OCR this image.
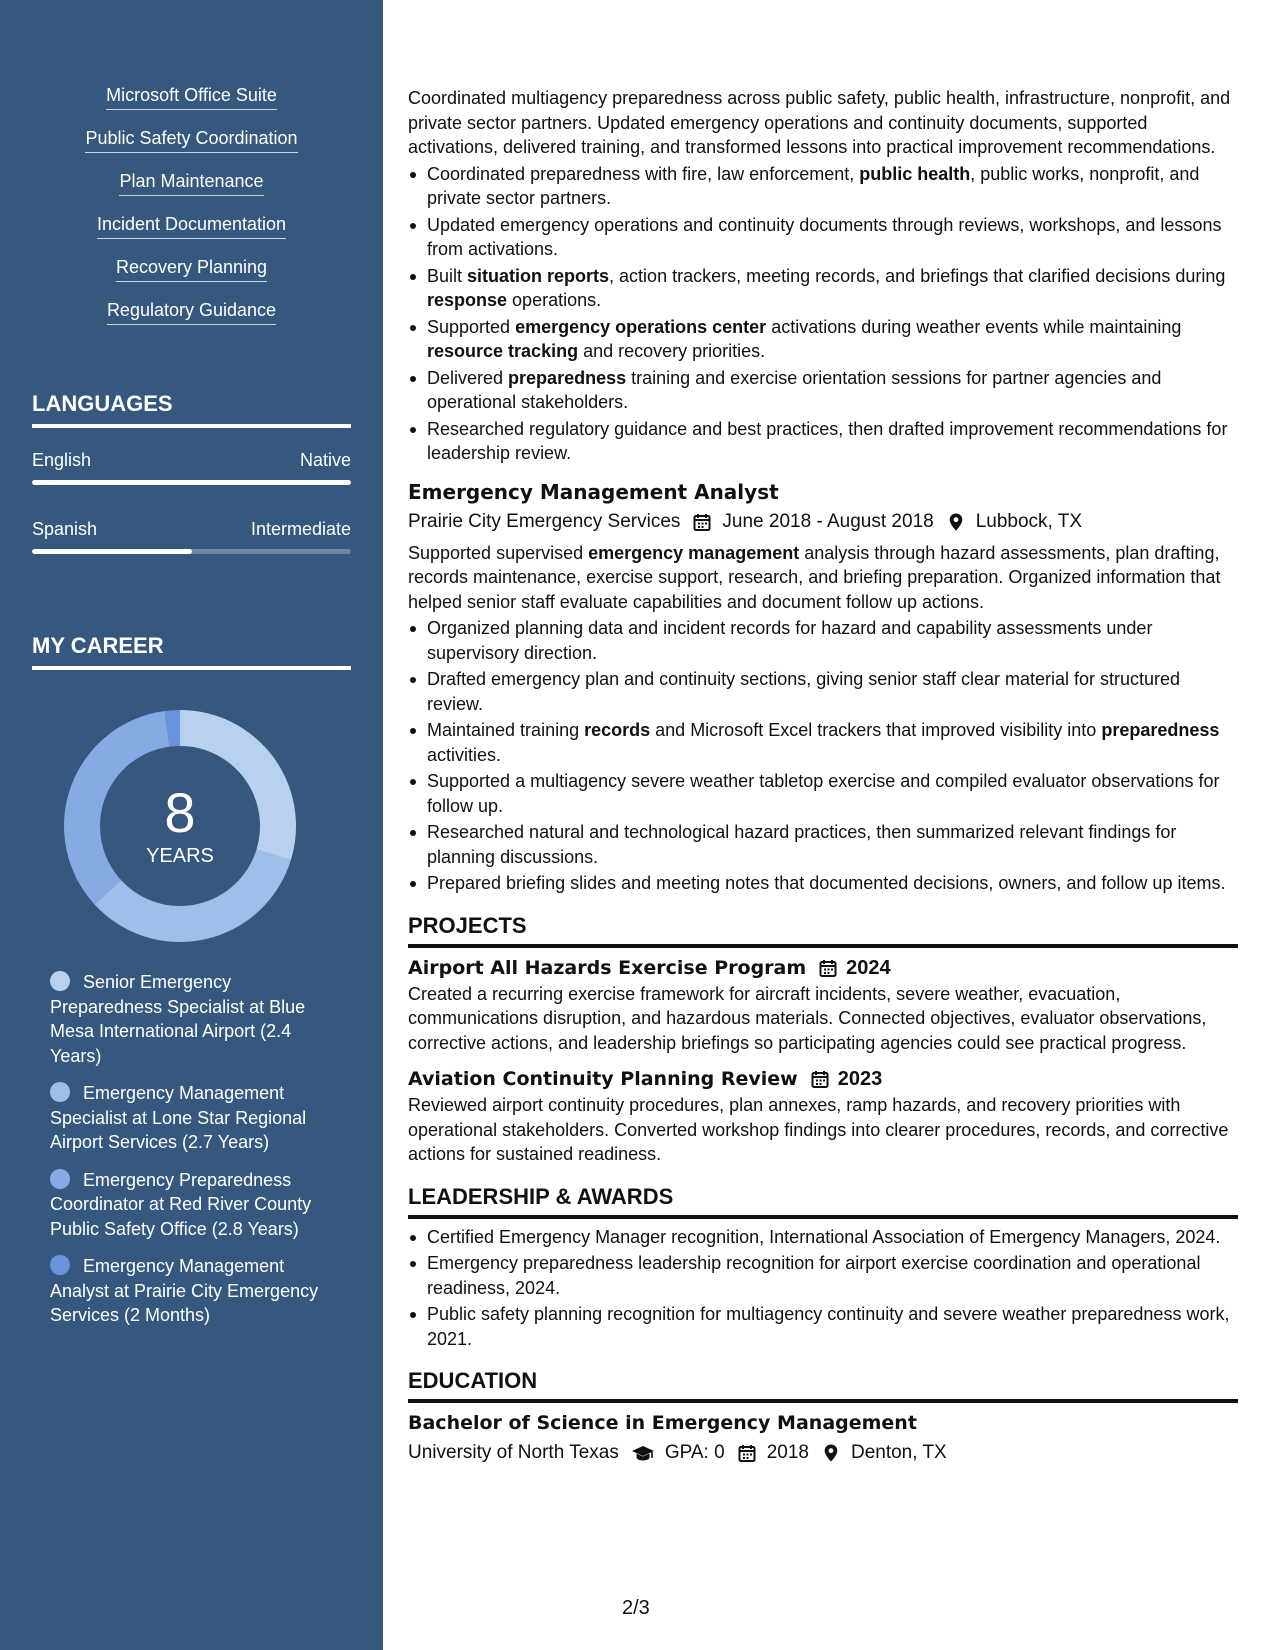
Microsoft Office Suite
Public Safety Coordination
Plan Maintenance
Incident Documentation
Recovery Planning
Regulatory Guidance
LANGUAGES
English	Native
Spanish	Intermediate
MY CAREER
8
YEARS
Senior Emergency Preparedness Specialist at Blue Mesa International Airport (2.4 Years)
Emergency Management Specialist at Lone Star Regional Airport Services (2.7 Years)
Emergency Preparedness Coordinator at Red River County Public Safety Office (2.8 Years)
Emergency Management Analyst at Prairie City Emergency Services (2 Months)

Coordinated multiagency preparedness across public safety, public health, infrastructure, nonprofit, and private sector partners. Updated emergency operations and continuity documents, supported activations, delivered training, and transformed lessons into practical improvement recommendations.

Coordinated preparedness with fire, law enforcement, public health, public works, nonprofit, and private sector partners.
Updated emergency operations and continuity documents through reviews, workshops, and lessons from activations.
Built situation reports, action trackers, meeting records, and briefings that clarified decisions during response operations.
Supported emergency operations center activations during weather events while maintaining resource tracking and recovery priorities.
Delivered preparedness training and exercise orientation sessions for partner agencies and operational stakeholders.
Researched regulatory guidance and best practices, then drafted improvement recommendations for leadership review.
Emergency Management Analyst
Prairie City Emergency Services June 2018 - August 2018 Lubbock, TX

Supported supervised emergency management analysis through hazard assessments, plan drafting, records maintenance, exercise support, research, and briefing preparation. Organized information that helped senior staff evaluate capabilities and document follow up actions.

Organized planning data and incident records for hazard and capability assessments under supervisory direction.
Drafted emergency plan and continuity sections, giving senior staff clear material for structured review.
Maintained training records and Microsoft Excel trackers that improved visibility into preparedness activities.
Supported a multiagency severe weather tabletop exercise and compiled evaluator observations for follow up.
Researched natural and technological hazard practices, then summarized relevant findings for planning discussions.
Prepared briefing slides and meeting notes that documented decisions, owners, and follow up items.
PROJECTS
Airport All Hazards Exercise Program 2024

Created a recurring exercise framework for aircraft incidents, severe weather, evacuation, communications disruption, and hazardous materials. Connected objectives, evaluator observations, corrective actions, and leadership briefings so participating agencies could see practical progress.

Aviation Continuity Planning Review 2023

Reviewed airport continuity procedures, plan annexes, ramp hazards, and recovery priorities with operational stakeholders. Converted workshop findings into clearer procedures, records, and corrective actions for sustained readiness.

LEADERSHIP & AWARDS
Certified Emergency Manager recognition, International Association of Emergency Managers, 2024.
Emergency preparedness leadership recognition for airport exercise coordination and operational readiness, 2024.
Public safety planning recognition for multiagency continuity and severe weather preparedness work, 2021.
EDUCATION
Bachelor of Science in Emergency Management
University of North Texas GPA: 0 2018 Denton, TX
2/3
